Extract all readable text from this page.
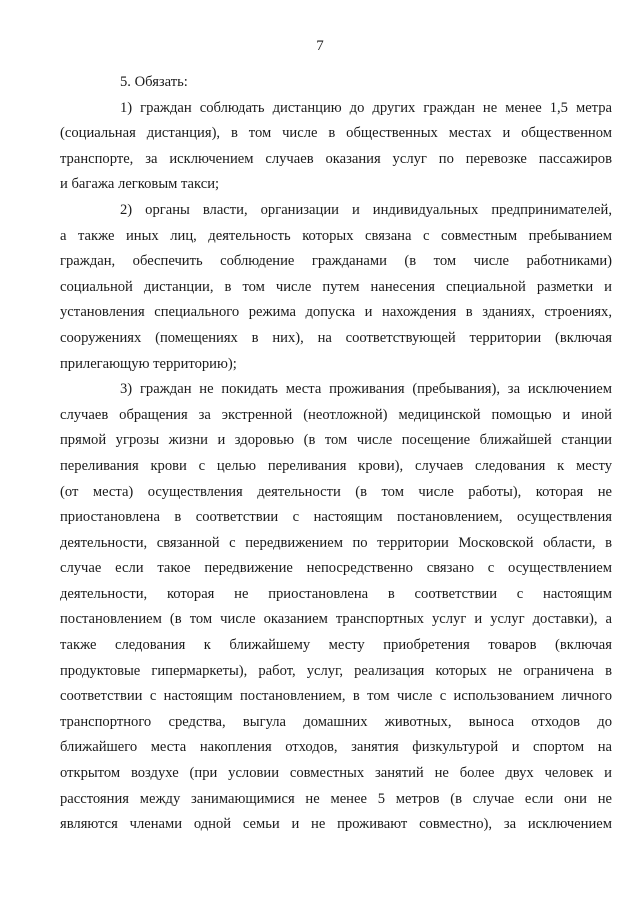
7
5. Обязать:
1) граждан соблюдать дистанцию до других граждан не менее 1,5 метра
(социальная дистанция), в том числе в общественных местах и общественном
транспорте, за исключением случаев оказания услуг по перевозке пассажиров
и багажа легковым такси;
2) органы власти, организации и индивидуальных предпринимателей,
а также иных лиц, деятельность которых связана с совместным пребыванием
граждан, обеспечить соблюдение гражданами (в том числе работниками)
социальной дистанции, в том числе путем нанесения специальной разметки и
установления специального режима допуска и нахождения в зданиях, строениях,
сооружениях (помещениях в них), на соответствующей территории (включая
прилегающую территорию);
3) граждан не покидать места проживания (пребывания), за исключением
случаев обращения за экстренной (неотложной) медицинской помощью и иной
прямой угрозы жизни и здоровью (в том числе посещение ближайшей станции
переливания крови с целью переливания крови), случаев следования к месту
(от места) осуществления деятельности (в том числе работы), которая не
приостановлена в соответствии с настоящим постановлением, осуществления
деятельности, связанной с передвижением по территории Московской области, в
случае если такое передвижение непосредственно связано с осуществлением
деятельности, которая не приостановлена в соответствии с настоящим
постановлением (в том числе оказанием транспортных услуг и услуг доставки), а
также следования к ближайшему месту приобретения товаров (включая
продуктовые гипермаркеты), работ, услуг, реализация которых не ограничена в
соответствии с настоящим постановлением, в том числе с использованием личного
транспортного средства, выгула домашних животных, выноса отходов до
ближайшего места накопления отходов, занятия физкультурой и спортом на
открытом воздухе (при условии совместных занятий не более двух человек и
расстояния между занимающимися не менее 5 метров (в случае если они не
являются членами одной семьи и не проживают совместно), за исключением
